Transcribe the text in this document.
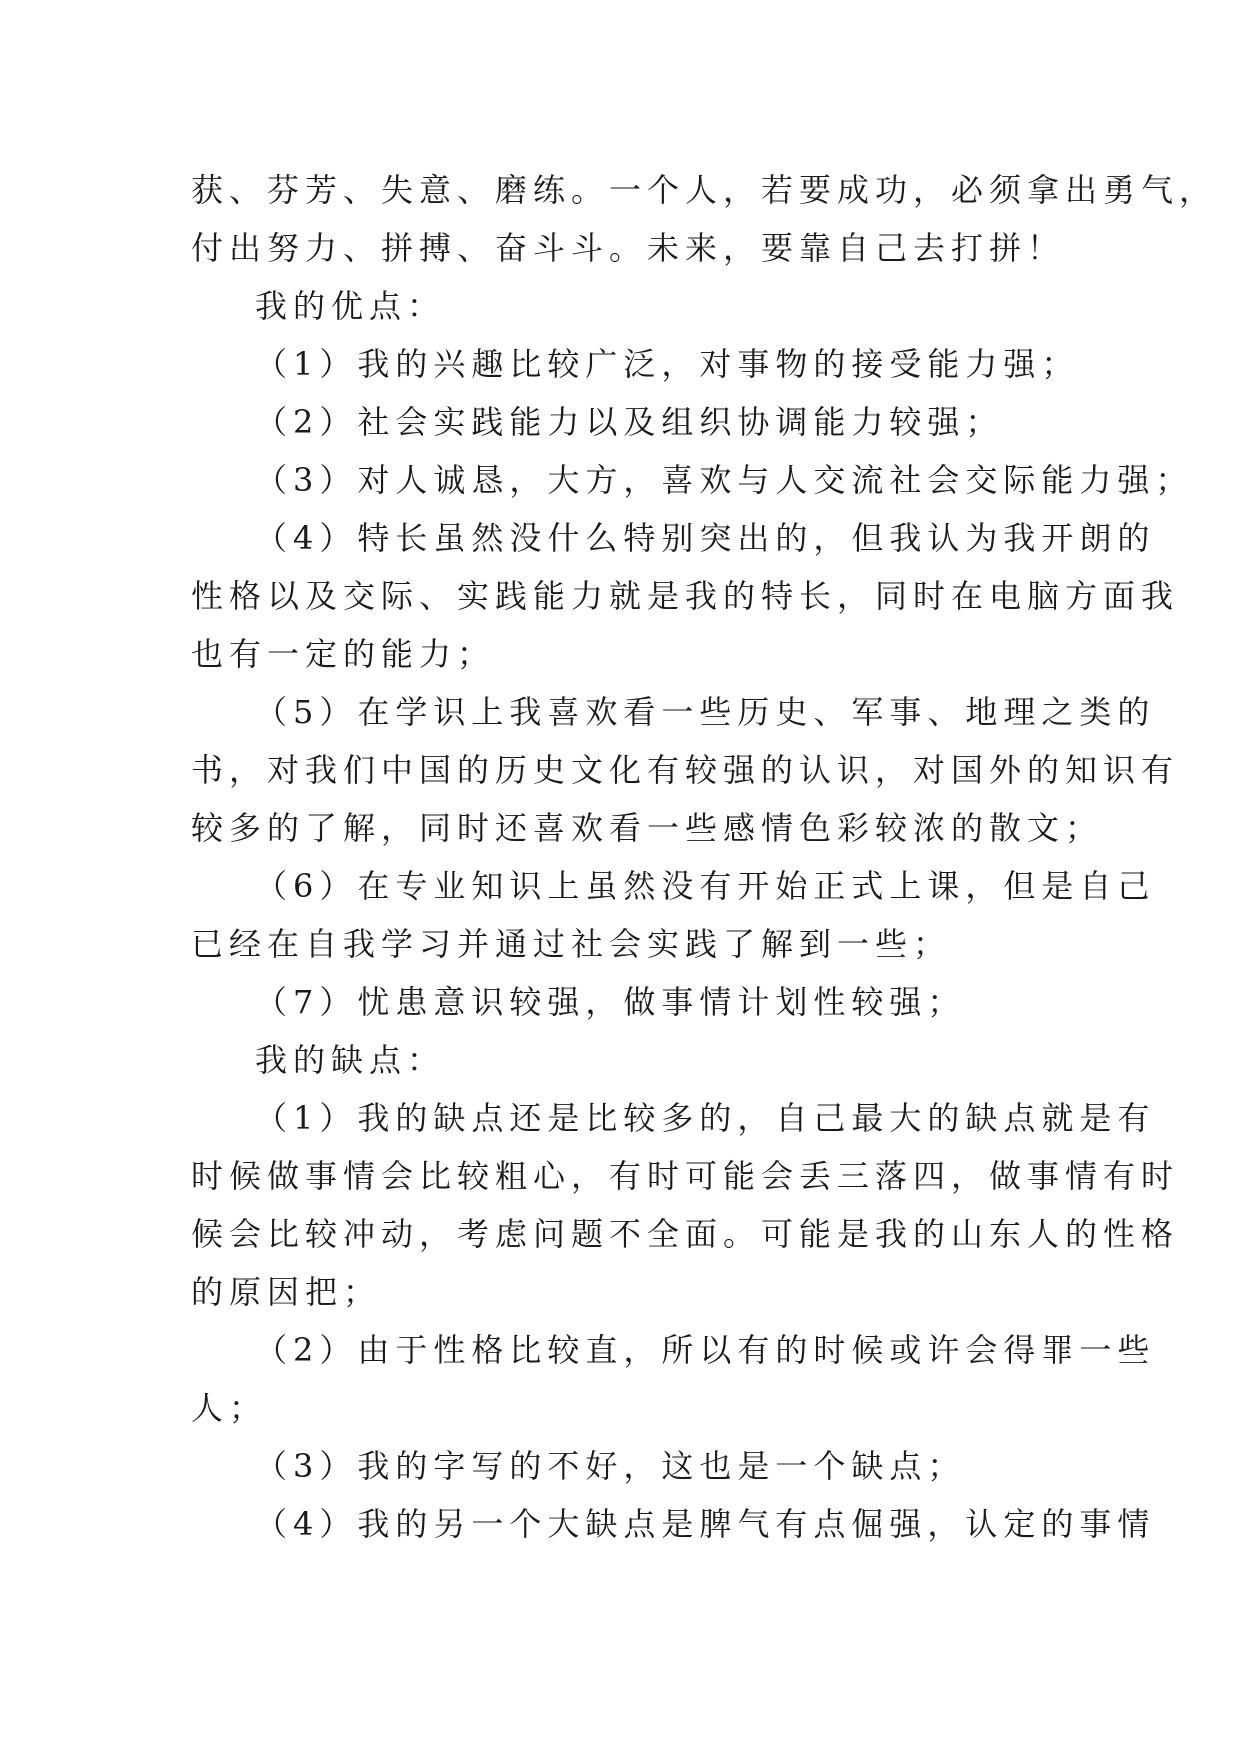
获、芬芳、失意、磨练。一个人，若要成功，必须拿出勇气，

付出努力、拼搏、奋斗斗。未来，要靠自己去打拼！

我的优点：

（1）我的兴趣比较广泛，对事物的接受能力强；

（2）社会实践能力以及组织协调能力较强；

（3）对人诚恳，大方，喜欢与人交流社会交际能力强；

（4）特长虽然没什么特别突出的，但我认为我开朗的

性格以及交际、实践能力就是我的特长，同时在电脑方面我

也有一定的能力；

（5）在学识上我喜欢看一些历史、军事、地理之类的

书，对我们中国的历史文化有较强的认识，对国外的知识有

较多的了解，同时还喜欢看一些感情色彩较浓的散文；

（6）在专业知识上虽然没有开始正式上课，但是自己

已经在自我学习并通过社会实践了解到一些；

（7）忧患意识较强，做事情计划性较强；

我的缺点：

（1）我的缺点还是比较多的，自己最大的缺点就是有

时候做事情会比较粗心，有时可能会丢三落四，做事情有时

候会比较冲动，考虑问题不全面。可能是我的山东人的性格

的原因把；

（2）由于性格比较直，所以有的时候或许会得罪一些

人；

（3）我的字写的不好，这也是一个缺点；

（4）我的另一个大缺点是脾气有点倔强，认定的事情
